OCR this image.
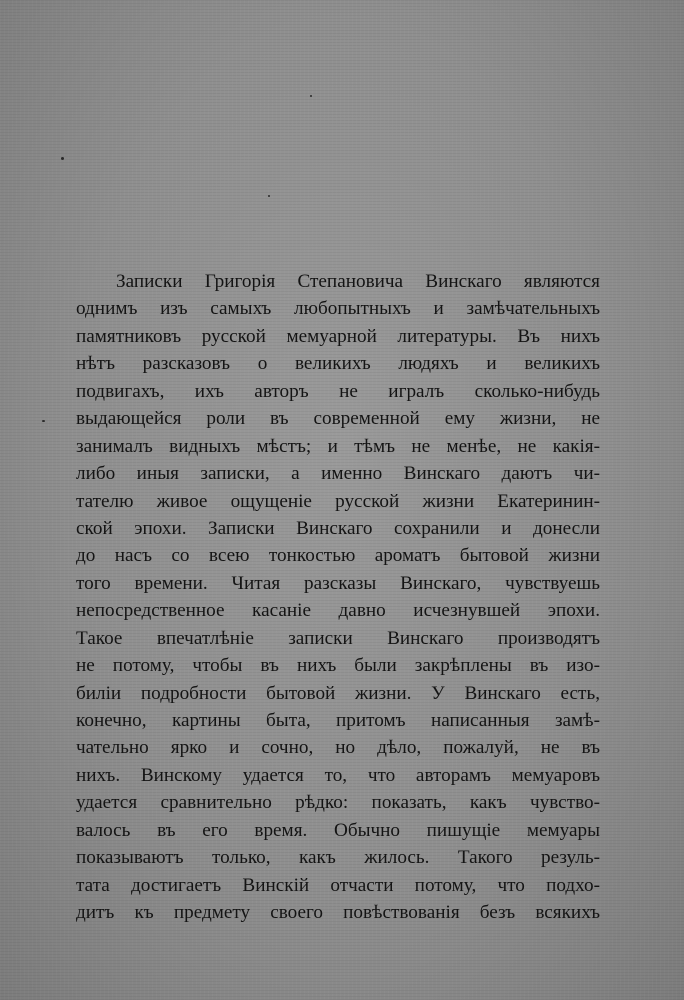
Записки Григорія Степановича Винскаго являются
однимъ изъ самыхъ любопытныхъ и замѣчательныхъ
памятниковъ русской мемуарной литературы. Въ нихъ
нѣтъ разсказовъ о великихъ людяхъ и великихъ
подвигахъ, ихъ авторъ не игралъ сколько-нибудь
выдающейся роли въ современной ему жизни, не
занималъ видныхъ мѣстъ; и тѣмъ не менѣе, не какія-
либо иныя записки, а именно Винскаго даютъ чи-
тателю живое ощущеніе русской жизни Екатеринин-
ской эпохи. Записки Винскаго сохранили и донесли
до насъ со всею тонкостью ароматъ бытовой жизни
того времени. Читая разсказы Винскаго, чувствуешь
непосредственное касаніе давно исчезнувшей эпохи.
Такое впечатлѣніе записки Винскаго производятъ
не потому, чтобы въ нихъ были закрѣплены въ изо-
биліи подробности бытовой жизни. У Винскаго есть,
конечно, картины быта, притомъ написанныя замѣ-
чательно ярко и сочно, но дѣло, пожалуй, не въ
нихъ. Винскому удается то, что авторамъ мемуаровъ
удается сравнительно рѣдко: показать, какъ чувство-
валось въ его время. Обычно пишущіе мемуары
показываютъ только, какъ жилось. Такого резуль-
тата достигаетъ Винскій отчасти потому, что подхо-
дитъ къ предмету своего повѣствованія безъ всякихъ
